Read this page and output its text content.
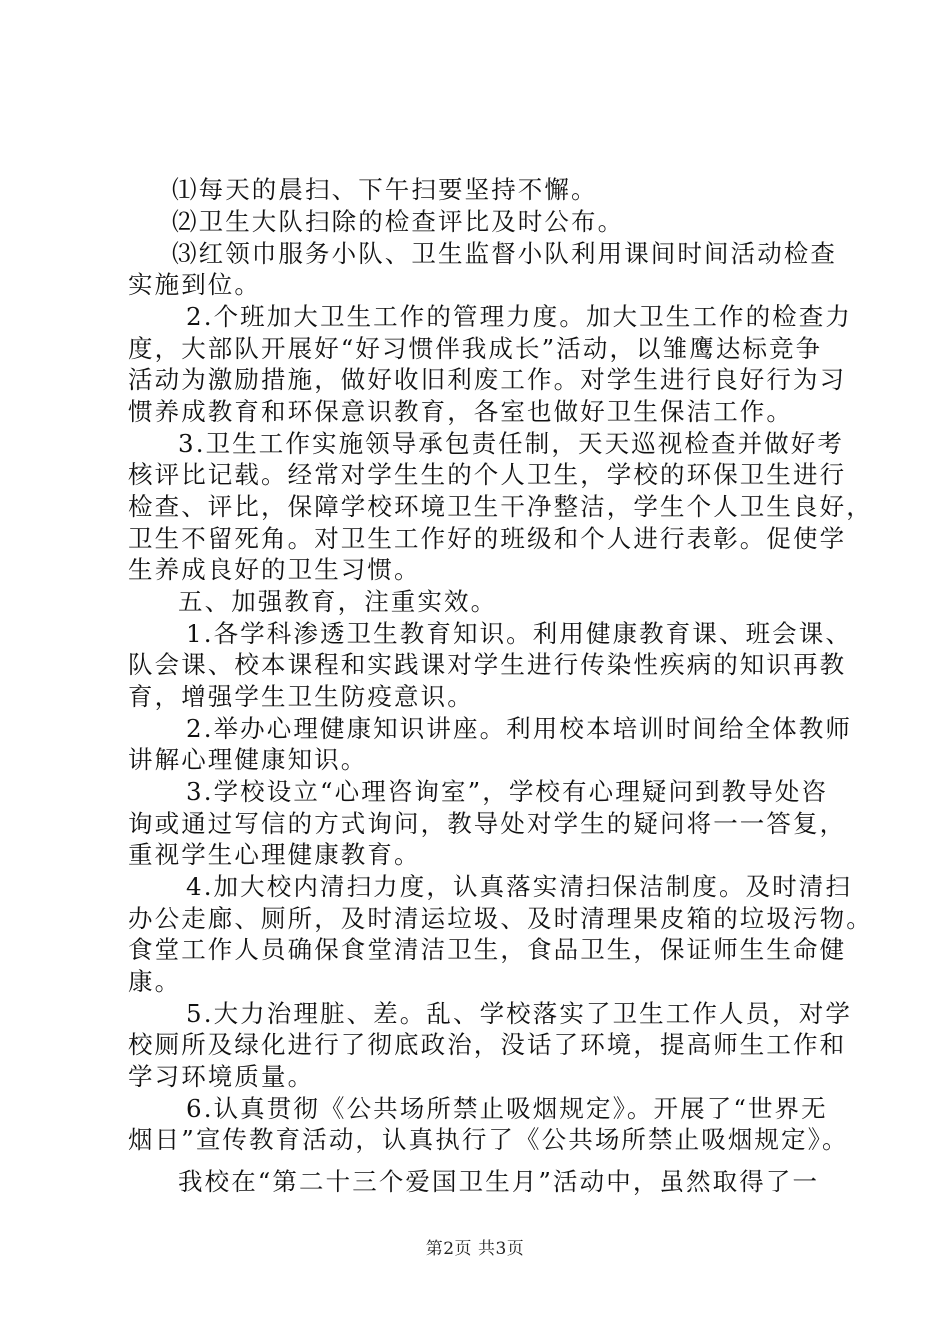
⑴每天的晨扫、下午扫要坚持不懈。
⑵卫生大队扫除的检查评比及时公布。
⑶红领巾服务小队、卫生监督小队利用课间时间活动检查
实施到位。
2.个班加大卫生工作的管理力度。加大卫生工作的检查力
度，大部队开展好“好习惯伴我成长”活动，以雏鹰达标竞争
活动为激励措施，做好收旧利废工作。对学生进行良好行为习
惯养成教育和环保意识教育，各室也做好卫生保洁工作。
3.卫生工作实施领导承包责任制，天天巡视检查并做好考
核评比记载。经常对学生生的个人卫生，学校的环保卫生进行
检查、评比，保障学校环境卫生干净整洁，学生个人卫生良好，
卫生不留死角。对卫生工作好的班级和个人进行表彰。促使学
生养成良好的卫生习惯。
五、加强教育，注重实效。
1.各学科渗透卫生教育知识。利用健康教育课、班会课、
队会课、校本课程和实践课对学生进行传染性疾病的知识再教
育，增强学生卫生防疫意识。
2.举办心理健康知识讲座。利用校本培训时间给全体教师
讲解心理健康知识。
3.学校设立“心理咨询室”，学校有心理疑问到教导处咨
询或通过写信的方式询问，教导处对学生的疑问将一一答复，
重视学生心理健康教育。
4.加大校内清扫力度，认真落实清扫保洁制度。及时清扫
办公走廊、厕所，及时清运垃圾、及时清理果皮箱的垃圾污物。
食堂工作人员确保食堂清洁卫生，食品卫生，保证师生生命健
康。
5.大力治理脏、差。乱、学校落实了卫生工作人员，对学
校厕所及绿化进行了彻底政治，没话了环境，提高师生工作和
学习环境质量。
6.认真贯彻《公共场所禁止吸烟规定》。开展了“世界无
烟日”宣传教育活动，认真执行了《公共场所禁止吸烟规定》。
我校在“第二十三个爱国卫生月”活动中，虽然取得了一
第2页 共3页
